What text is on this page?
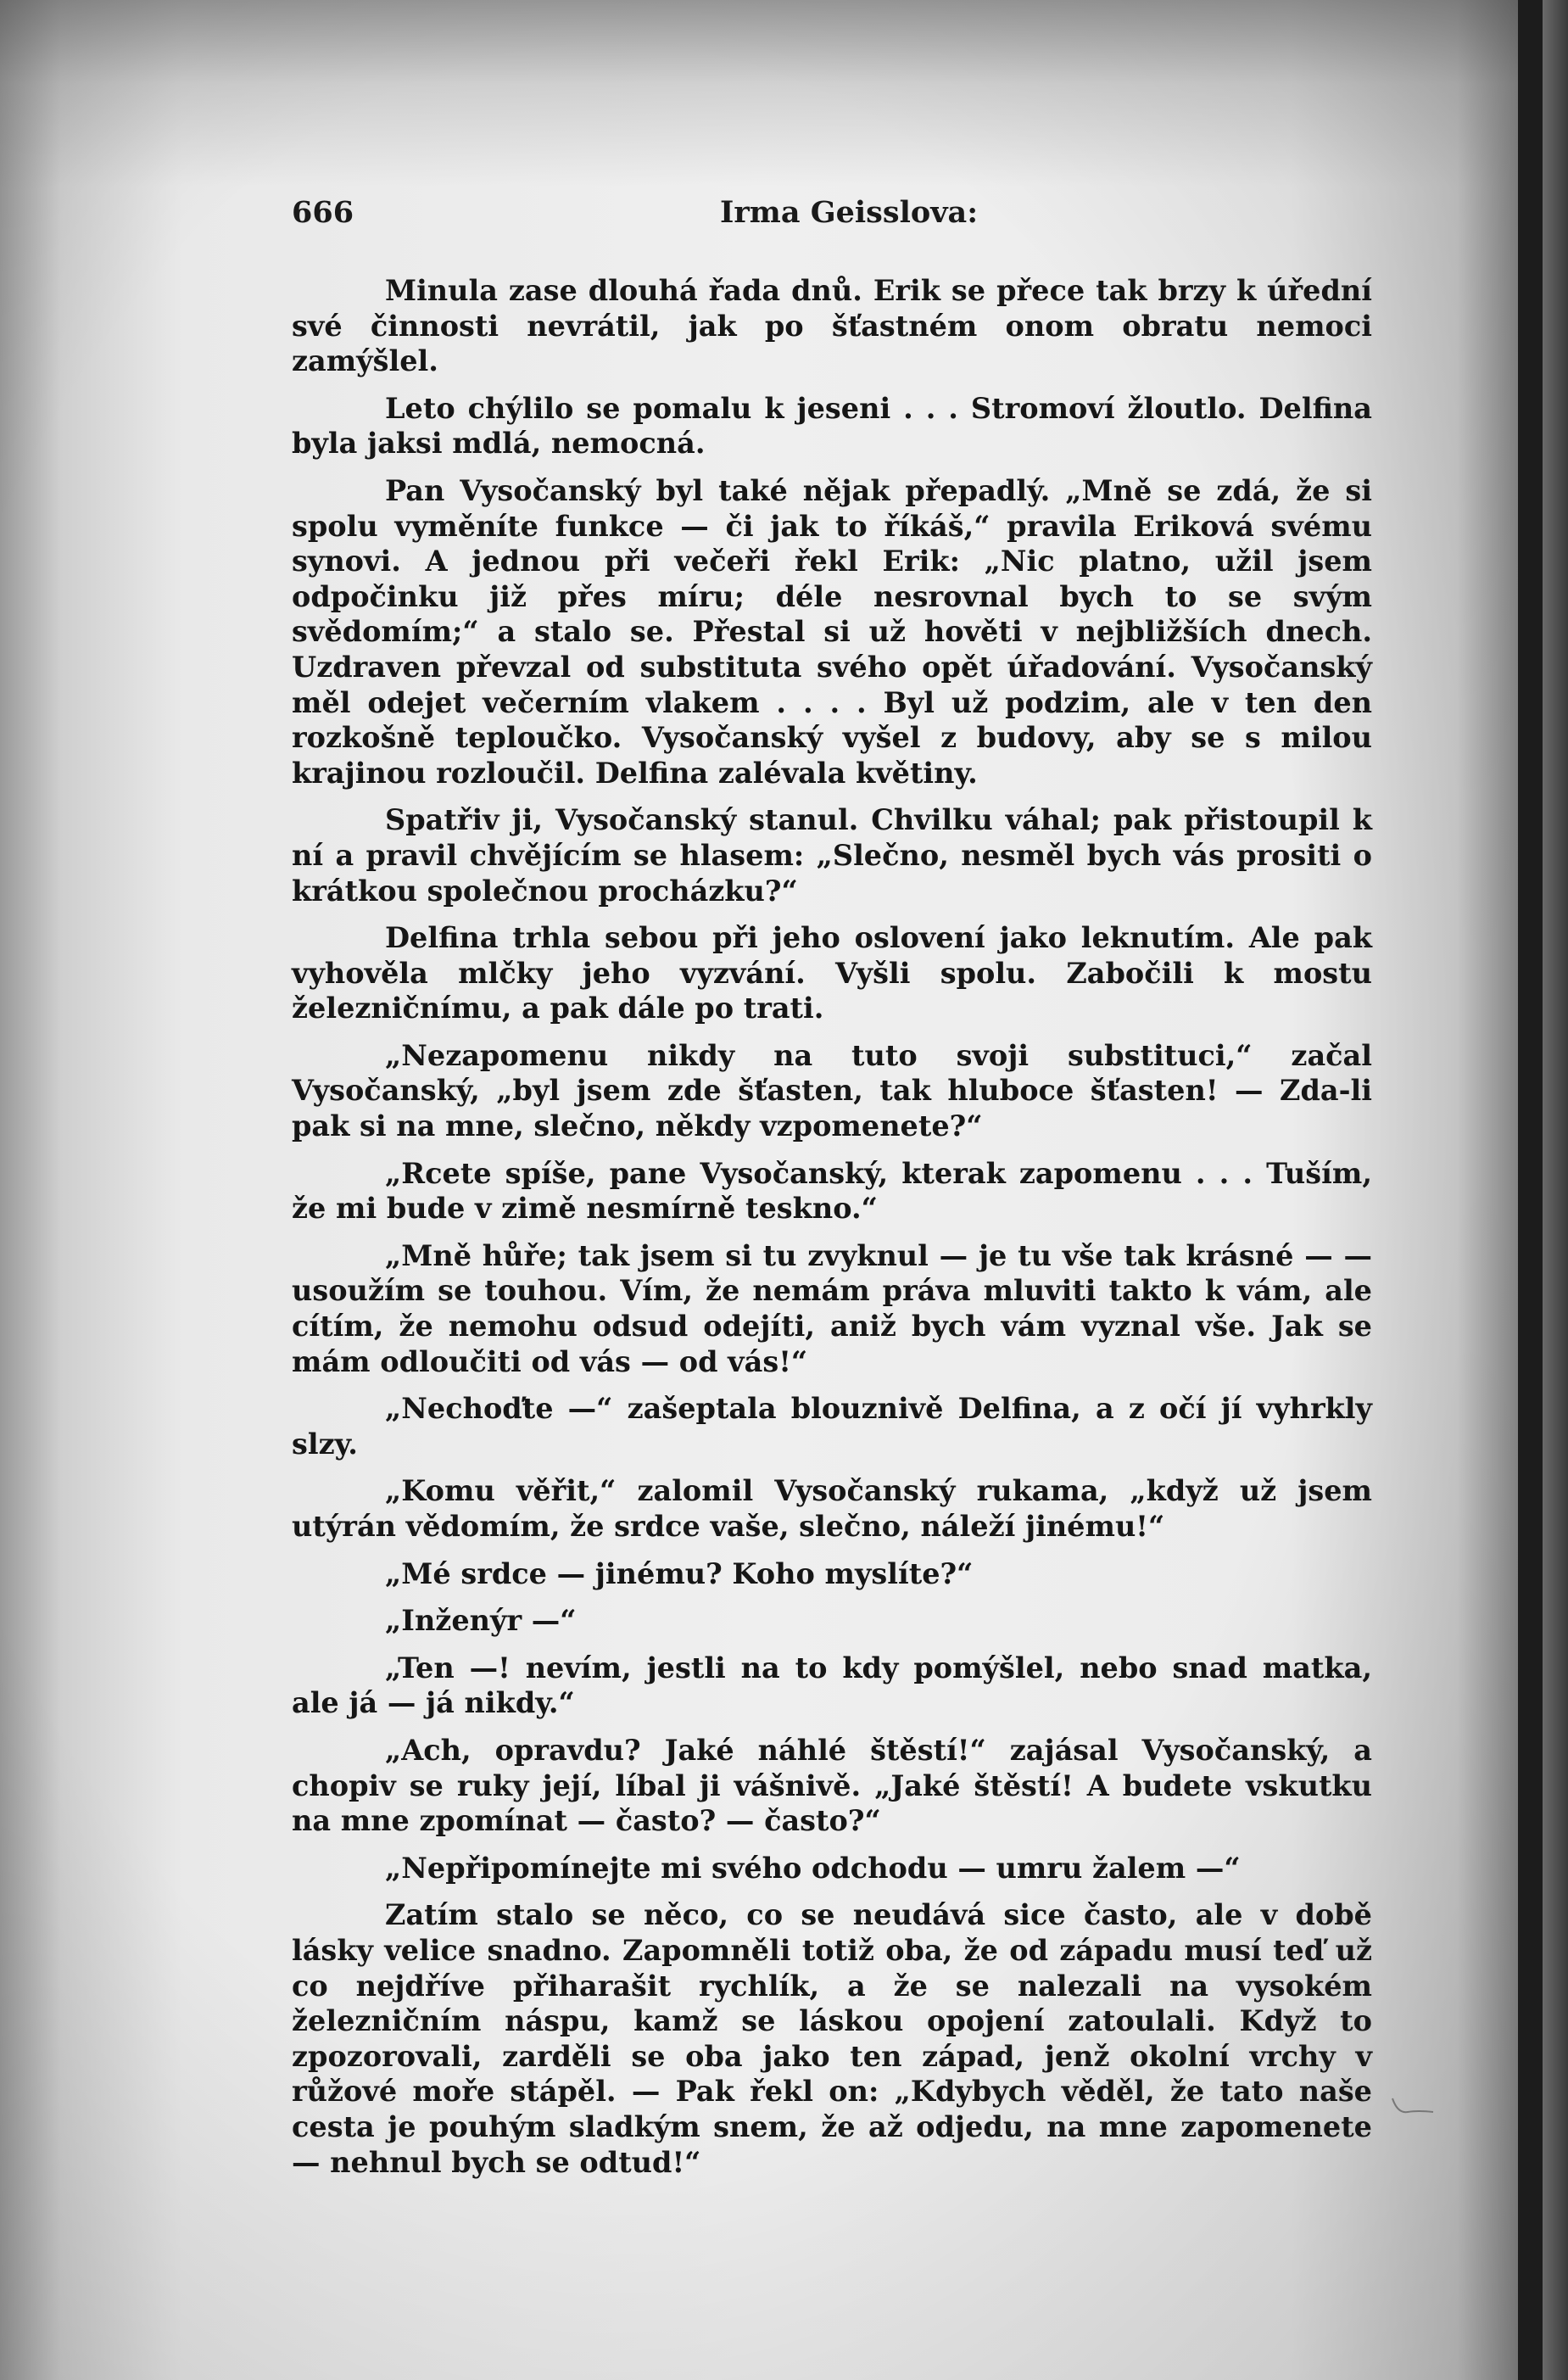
666	Irma Geisslova:

Minula zase dlouhá řada dnů. Erik se přece tak brzy k úřední své činnosti nevrátil, jak po šťastném onom obratu nemoci zamýšlel.

Leto chýlilo se pomalu k jeseni . . . Stromoví žloutlo. Delfina byla jaksi mdlá, nemocná.

Pan Vysočanský byl také nějak přepadlý. „Mně se zdá, že si spolu vyměníte funkce — či jak to říkáš,“ pravila Eriková svému synovi. A jednou při večeři řekl Erik: „Nic platno, užil jsem odpočinku již přes míru; déle nesrovnal bych to se svým svědomím;“ a stalo se. Přestal si už hověti v nejbližších dnech. Uzdraven převzal od substituta svého opět úřadování. Vysočanský měl odejet večerním vlakem . . . . Byl už podzim, ale v ten den rozkošně teploučko. Vysočanský vyšel z budovy, aby se s milou krajinou rozloučil. Delfina zalévala květiny.

Spatřiv ji, Vysočanský stanul. Chvilku váhal; pak přistoupil k ní a pravil chvějícím se hlasem: „Slečno, nesměl bych vás prositi o krátkou společnou procházku?“

Delfina trhla sebou při jeho oslovení jako leknutím. Ale pak vyhověla mlčky jeho vyzvání. Vyšli spolu. Zabočili k mostu železničnímu, a pak dále po trati.

„Nezapomenu nikdy na tuto svoji substituci,“ začal Vysočanský, „byl jsem zde šťasten, tak hluboce šťasten! — Zda-li pak si na mne, slečno, někdy vzpomenete?“

„Rcete spíše, pane Vysočanský, kterak zapomenu . . . Tuším, že mi bude v zimě nesmírně teskno.“

„Mně hůře; tak jsem si tu zvyknul — je tu vše tak krásné — — usoužím se touhou. Vím, že nemám práva mluviti takto k vám, ale cítím, že nemohu odsud odejíti, aniž bych vám vyznal vše. Jak se mám odloučiti od vás — od vás!“

„Nechoďte —“ zašeptala blouznivě Delfina, a z očí jí vyhrkly slzy.

„Komu věřit,“ zalomil Vysočanský rukama, „když už jsem utýrán vědomím, že srdce vaše, slečno, náleží jinému!“

„Mé srdce — jinému? Koho myslíte?“

„Inženýr —“

„Ten —! nevím, jestli na to kdy pomýšlel, nebo snad matka, ale já — já nikdy.“

„Ach, opravdu? Jaké náhlé štěstí!“ zajásal Vysočanský, a chopiv se ruky její, líbal ji vášnivě. „Jaké štěstí! A budete vskutku na mne zpomínat — často? — často?“

„Nepřipomínejte mi svého odchodu — umru žalem —“

Zatím stalo se něco, co se neudává sice často, ale v době lásky velice snadno. Zapomněli totiž oba, že od západu musí teď už co nejdříve přiharašit rychlík, a že se nalezali na vysokém železničním náspu, kamž se láskou opojení zatoulali. Když to zpozorovali, zarděli se oba jako ten západ, jenž okolní vrchy v růžové moře stápěl. — Pak řekl on: „Kdybych věděl, že tato naše cesta je pouhým sladkým snem, že až odjedu, na mne zapomenete — nehnul bych se odtud!“
